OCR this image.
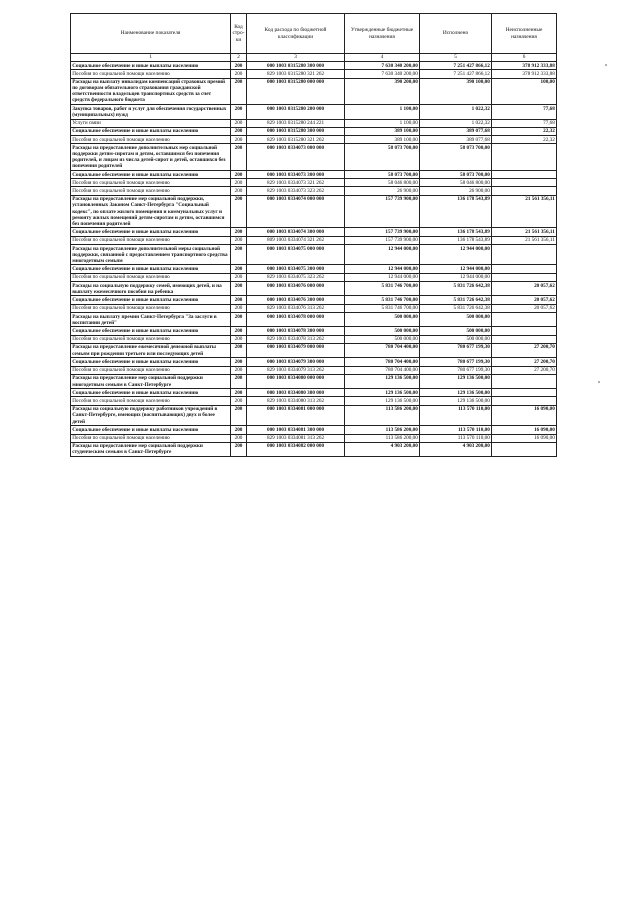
Наименование показателя	Код стро-ки	Код расхода по бюджетной классификации	Утвержденные бюджетные назначения	Исполнено	Неисполненные назначения
1	2	3	4	5	6
Социальное обеспечение и иные выплаты населению	200	000 1003 0315280 300 000	7 630 340 200,00	7 251 427 866,12	378 912 333,88
Пособия по социальной помощи населению	200	829 1003 0315280 321 262	7 630 340 200,00	7 251 427 866,12	378 912 333,88
Расходы на выплату инвалидам компенсаций страховых премий по договорам обязательного страхования гражданской ответственности владельцев транспортных средств за счет средств федерального бюджета	200	000 1003 0315280 000 000	390 200,00	390 100,00	100,00
Закупка товаров, работ и услуг для обеспечения государственных (муниципальных) нужд	200	000 1003 0315280 200 000	1 100,00	1 022,32	77,68
Услуги связи	200	829 1003 0315280 244 221	1 100,00	1 022,32	77,68
Социальное обеспечение и иные выплаты населению	200	000 1003 0315280 300 000	389 100,00	389 077,68	22,32
Пособия по социальной помощи населению	200	829 1003 0315280 321 262	389 100,00	389 077,68	22,32
Расходы на предоставление дополнительных мер социальной поддержки детям-сиротам и детям, оставшимся без попечения родителей, и лицам из числа детей-сирот и детей, оставшихся без попечения родителей	200	000 1003 0334073 000 000	58 073 700,00	58 073 700,00	
Социальное обеспечение и иные выплаты населению	200	000 1003 0334073 300 000	58 073 700,00	58 073 700,00	
Пособия по социальной помощи населению	200	829 1003 0334073 321 262	58 046 800,00	58 046 800,00	
Пособия по социальной помощи населению	200	829 1003 0334073 323 262	26 900,00	26 900,00	
Расходы на предоставление мер социальной поддержки, установленных Законом Санкт-Петербурга "Социальный кодекс", по оплате жилого помещения и коммунальных услуг и ремонту жилых помещений детям-сиротам и детям, оставшимся без попечения родителей	200	000 1003 0334074 000 000	157 739 900,00	136 178 543,89	21 561 356,11
Социальное обеспечение и иные выплаты населению	200	000 1003 0334074 300 000	157 739 900,00	136 178 543,89	21 561 356,11
Пособия по социальной помощи населению	200	809 1003 0334074 321 262	157 739 900,00	136 178 543,89	21 561 356,11
Расходы на предоставление дополнительной меры социальной поддержки, связанной с предоставлением транспортного средства многодетным семьям	200	000 1003 0334075 000 000	12 944 000,00	12 944 000,00	
Социальное обеспечение и иные выплаты населению	200	000 1003 0334075 300 000	12 944 000,00	12 944 000,00	
Пособия по социальной помощи населению	200	829 1003 0334075 323 262	12 944 000,00	12 944 000,00	
Расходы на социальную поддержку семей, имеющих детей, и на выплату ежемесячного пособия на ребенка	200	000 1003 0334076 000 000	5 831 746 700,00	5 831 726 642,38	20 057,62
Социальное обеспечение и иные выплаты населению	200	000 1003 0334076 300 000	5 831 746 700,00	5 831 726 642,38	20 057,62
Пособия по социальной помощи населению	200	829 1003 0334076 313 262	5 831 746 700,00	5 831 726 642,38	20 057,62
Расходы на выплату премии Санкт-Петербурга "За заслуги в воспитании детей"	200	000 1003 0334078 000 000	500 000,00	500 000,00	
Социальное обеспечение и иные выплаты населению	200	000 1003 0334078 300 000	500 000,00	500 000,00	
Пособия по социальной помощи населению	200	829 1003 0334078 313 262	500 000,00	500 000,00	
Расходы на предоставление ежемесячной денежной выплаты семьям при рождении третьего или последующих детей	200	000 1003 0334079 000 000	780 704 400,00	780 677 199,30	27 200,70
Социальное обеспечение и иные выплаты населению	200	000 1003 0334079 300 000	780 704 400,00	780 677 199,30	27 200,70
Пособия по социальной помощи населению	200	829 1003 0334079 313 262	780 704 400,00	780 677 199,30	27 200,70
Расходы на предоставление мер социальной поддержки многодетным семьям в Санкт-Петербурге	200	000 1003 0334080 000 000	129 136 500,00	129 136 500,00	
Социальное обеспечение и иные выплаты населению	200	000 1003 0334080 300 000	129 136 500,00	129 136 500,00	
Пособия по социальной помощи населению	200	829 1003 0334080 313 262	129 136 500,00	129 136 500,00	
Расходы на социальную поддержку работников учреждений в Санкт-Петербурге, имеющих (воспитывающих) двух и более детей	200	000 1003 0334081 000 000	113 586 200,00	113 570 110,00	16 090,00
Социальное обеспечение и иные выплаты населению	200	000 1003 0334081 300 000	113 586 200,00	113 570 110,00	16 090,00
Пособия по социальной помощи населению	200	829 1003 0334081 313 262	113 586 200,00	113 570 110,00	16 090,00
Расходы на предоставление мер социальной поддержки студенческим семьям в Санкт-Петербурге	200	000 1003 0334082 000 000	4 903 200,00	4 903 200,00	
